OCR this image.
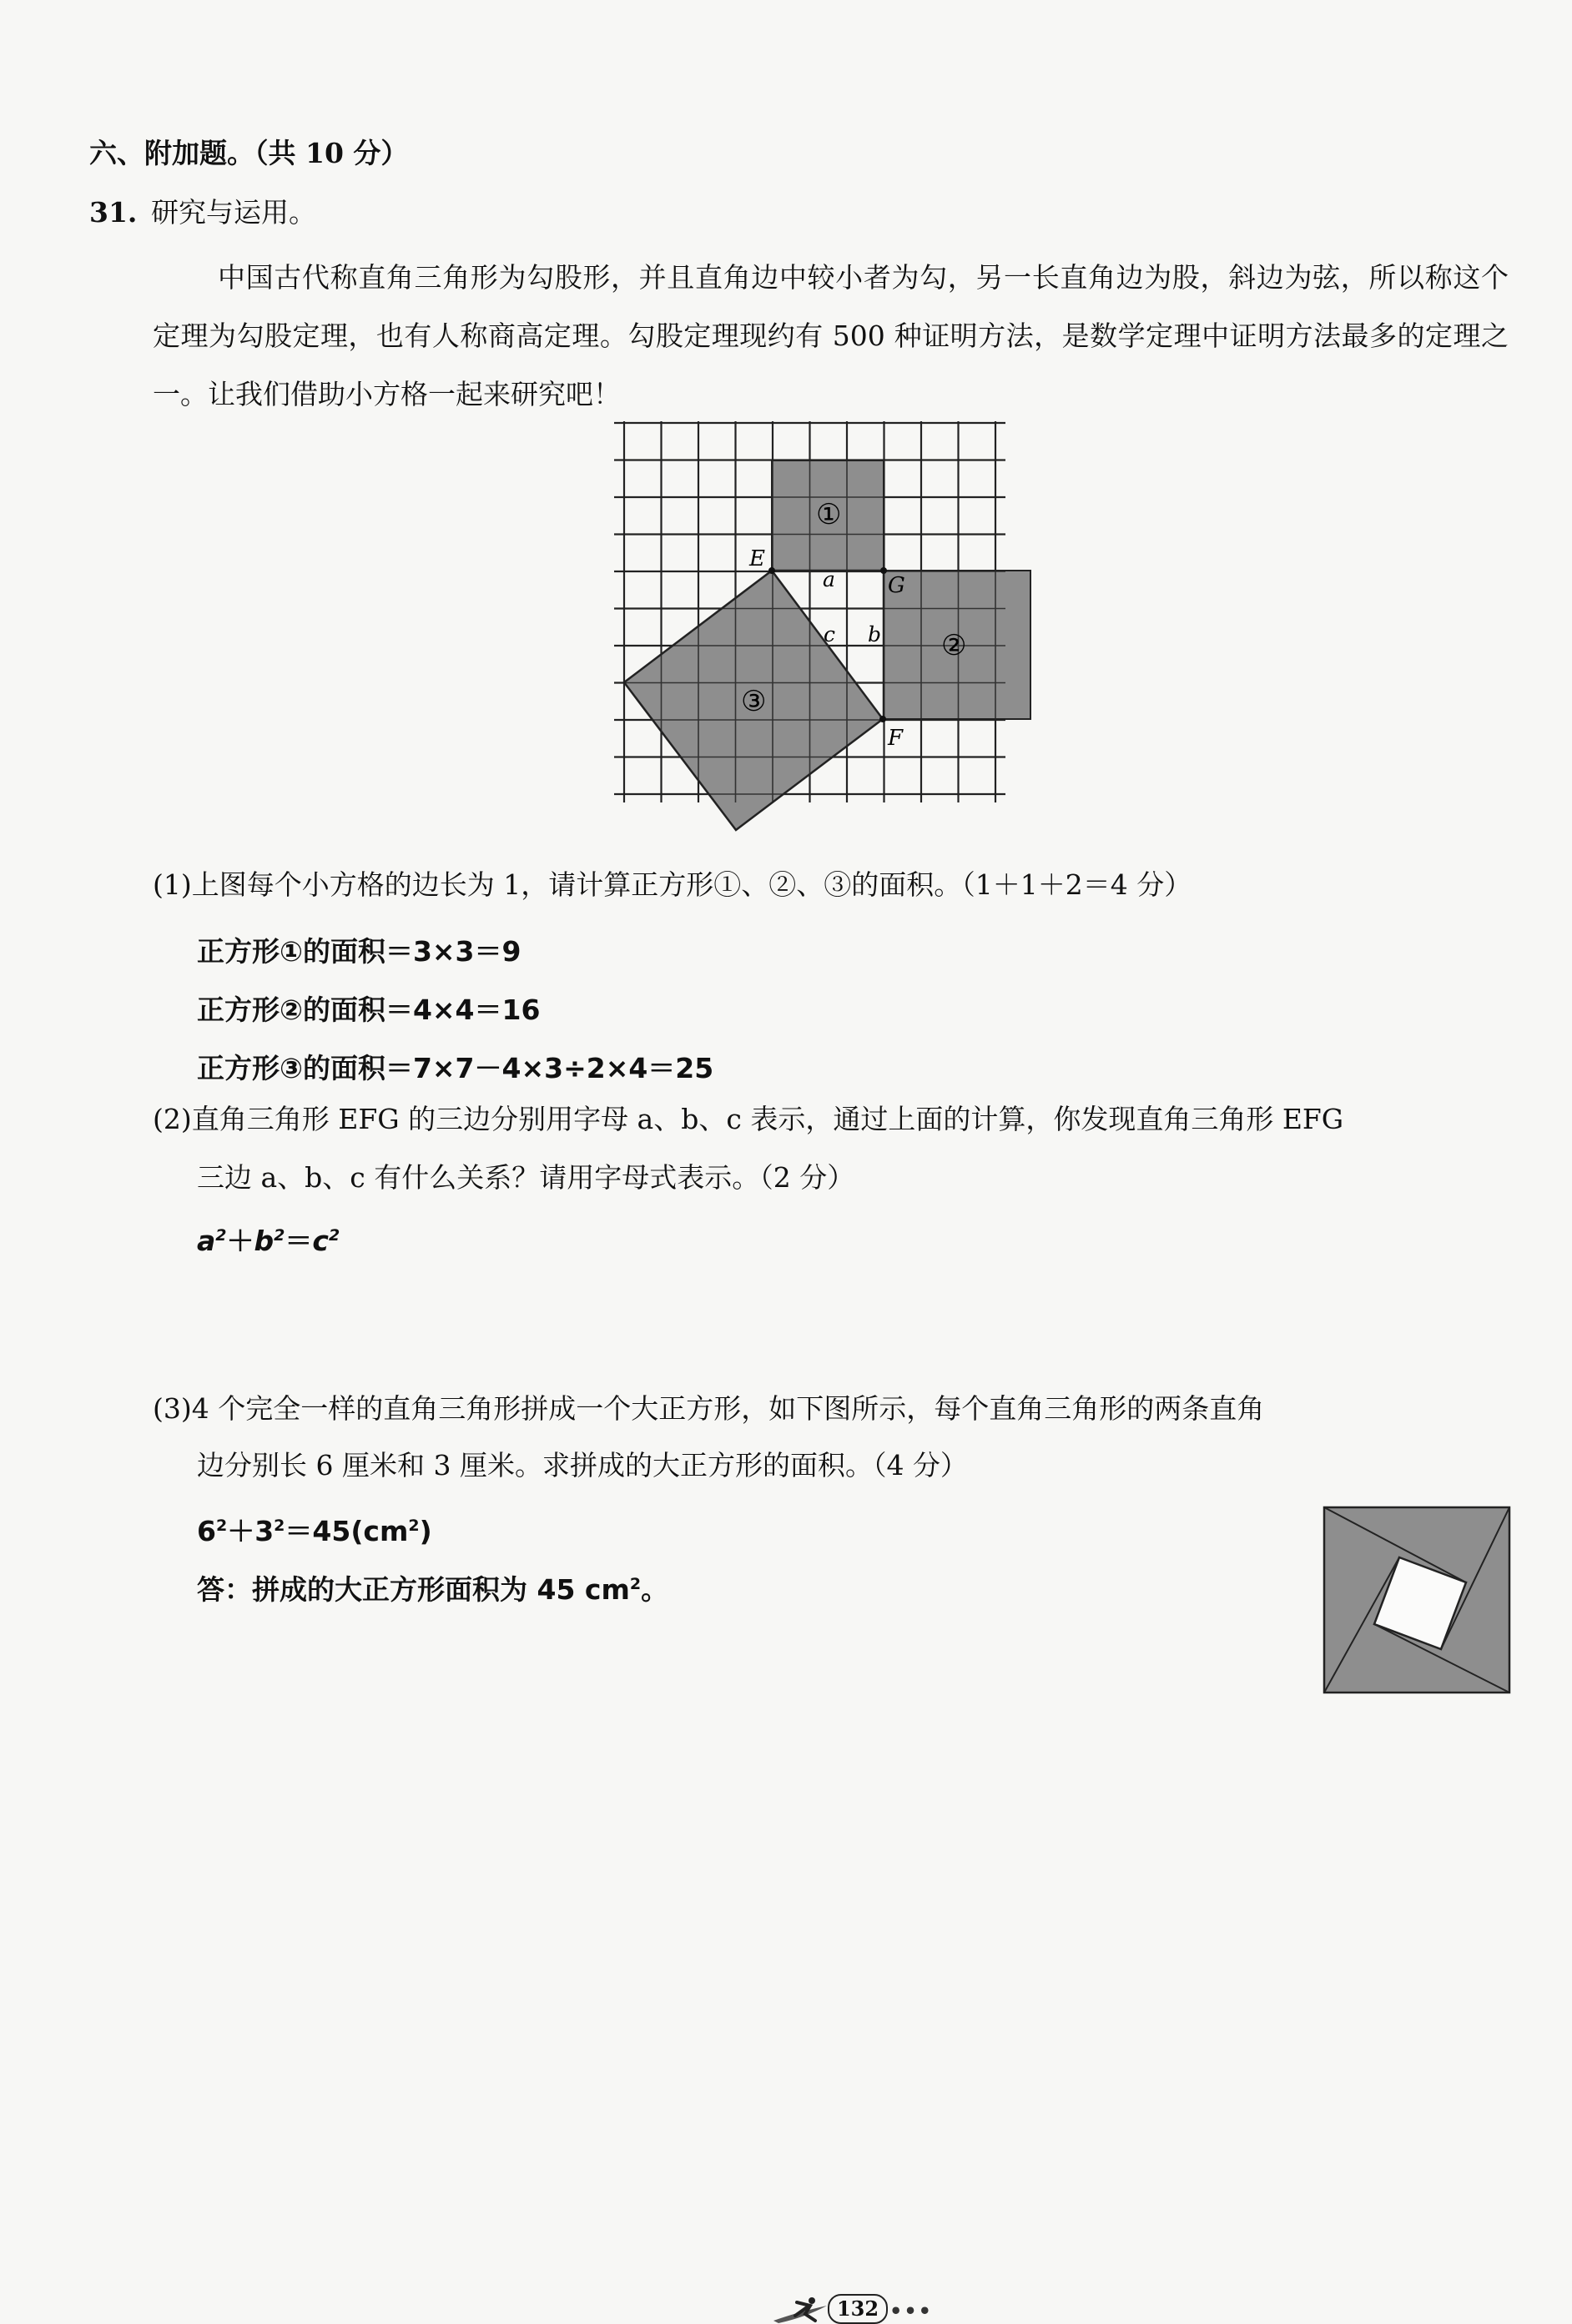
六、附加题。（共 10 分）
31. 研究与运用。
中国古代称直角三角形为勾股形，并且直角边中较小者为勾，另一长直角边为股，斜边为弦，所以称这个定理为勾股定理，也有人称商高定理。勾股定理现约有 500 种证明方法，是数学定理中证明方法最多的定理之一。让我们借助小方格一起来研究吧！
E
G
F
a
b
c
①
②
③
(1)上图每个小方格的边长为 1，请计算正方形①、②、③的面积。（1＋1＋2＝4 分）
正方形①的面积＝3×3＝9
正方形②的面积＝4×4＝16
正方形③的面积＝7×7－4×3÷2×4＝25
(2)直角三角形 EFG 的三边分别用字母 a、b、c 表示，通过上面的计算，你发现直角三角形 EFG
三边 a、b、c 有什么关系？请用字母式表示。（2 分）
$a^2+b^2=c^2$
(3)4 个完全一样的直角三角形拼成一个大正方形，如下图所示，每个直角三角形的两条直角
边分别长 6 厘米和 3 厘米。求拼成的大正方形的面积。（4 分）
$6^2+3^2=45(cm^2)$
答：拼成的大正方形面积为 45 $cm^2$。
132 •••
